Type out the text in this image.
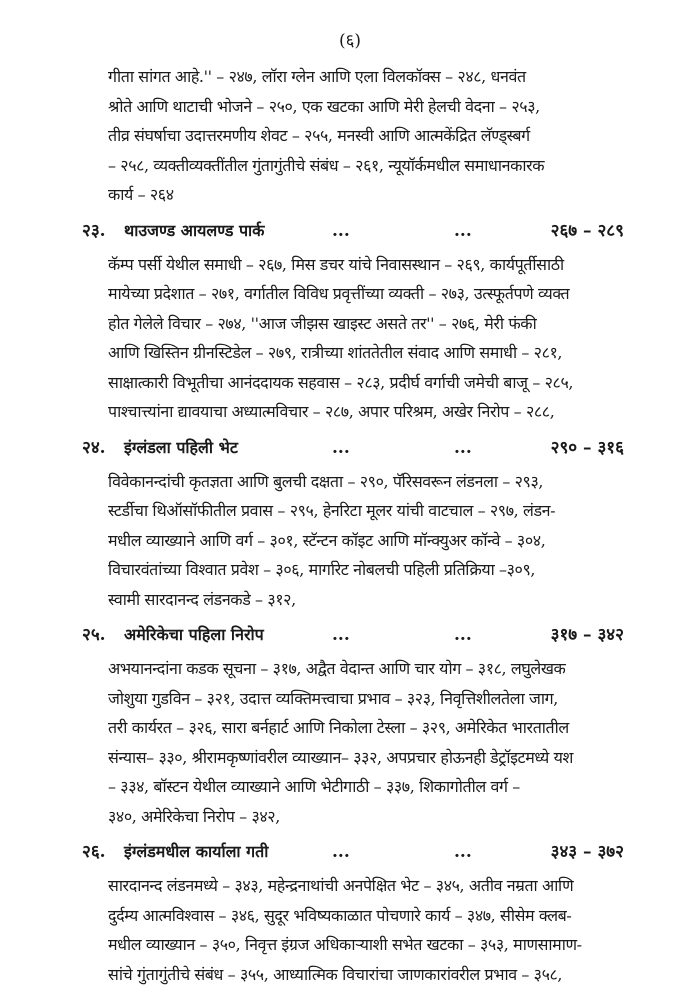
(६)
गीता सांगत आहे.'' – २४७, लॉरा ग्लेन आणि एला विलकॉक्स – २४८, धनवंत
श्रोते आणि थाटाची भोजने – २५०, एक खटका आणि मेरी हेलची वेदना – २५३,
तीव्र संघर्षाचा उदात्तरमणीय शेवट – २५५, मनस्वी आणि आत्मकेंद्रित लॅण्ड्‌स्बर्ग
– २५८, व्यक्तीव्यक्तींतील गुंतागुंतीचे संबंध – २६१, न्यूयॉर्कमधील समाधानकारक
कार्य – २६४
२३. थाउजण्ड आयलण्ड पार्क	...	...	२६७ – २८९
कॅम्प पर्सी येथील समाधी – २६७, मिस डचर यांचे निवासस्थान – २६९, कार्यपूर्तीसाठी
मायेच्या प्रदेशात – २७१, वर्गातील विविध प्रवृत्तींच्या व्यक्ती – २७३, उत्स्फूर्तपणे व्यक्त
होत गेलेले विचार – २७४, ''आज जीझस खाइस्ट असते तर'' – २७६, मेरी फंकी
आणि खिस्तिन ग्रीनस्टिडेल – २७९, रात्रीच्या शांततेतील संवाद आणि समाधी – २८१,
साक्षात्कारी विभूतीचा आनंददायक सहवास – २८३, प्रदीर्घ वर्गाची जमेची बाजू – २८५,
पाश्चात्त्यांना द्यावयाचा अध्यात्मविचार – २८७, अपार परिश्रम, अखेर निरोप – २८८,
२४. इंग्लंडला पहिली भेट	...	...	२९० – ३१६
विवेकानन्दांची कृतज्ञता आणि बुलची दक्षता – २९०, पॅरिसवरून लंडनला – २९३,
स्टर्डीचा थिऑसॉफीतील प्रवास – २९५, हेनरिटा मूलर यांची वाटचाल – २९७, लंडन-
मधील व्याख्याने आणि वर्ग – ३०१, स्टॅन्टन कॉइट आणि मॉन्क्युअर कॉन्वे – ३०४,
विचारवंतांच्या विश्वात प्रवेश – ३०६, मार्गारेट नोबलची पहिली प्रतिक्रिया –३०९,
स्वामी सारदानन्द लंडनकडे – ३१२,
२५. अमेरिकेचा पहिला निरोप	...	...	३१७ – ३४२
अभयानन्दांना कडक सूचना – ३१७, अद्वैत वेदान्त आणि चार योग – ३१८, लघुलेखक
जोशुया गुडविन – ३२१, उदात्त व्यक्तिमत्त्वाचा प्रभाव – ३२३, निवृत्तिशीलतेला जाग,
तरी कार्यरत – ३२६, सारा बर्नहार्ट आणि निकोला टेस्ला – ३२९, अमेरिकेत भारतातील
संन्यास– ३३०, श्रीरामकृष्णांवरील व्याख्यान– ३३२, अपप्रचार होऊनही डेट्रॉइटमध्ये यश
– ३३४, बॉस्टन येथील व्याख्याने आणि भेटीगाठी – ३३७, शिकागोतील वर्ग –
३४०, अमेरिकेचा निरोप – ३४२,
२६. इंग्लंडमधील कार्याला गती	...	...	३४३ – ३७२
सारदानन्द लंडनमध्ये – ३४३, महेन्द्रनाथांची अनपेक्षित भेट – ३४५, अतीव नम्रता आणि
दुर्दम्य आत्मविश्वास – ३४६, सुदूर भविष्यकाळात पोचणारे कार्य – ३४७, सीसेम क्लब-
मधील व्याख्यान – ३५०, निवृत्त इंग्रज अधिकाऱ्याशी सभेत खटका – ३५३, माणसामाण-
सांचे गुंतागुंतीचे संबंध – ३५५, आध्यात्मिक विचारांचा जाणकारांवरील प्रभाव – ३५८,
